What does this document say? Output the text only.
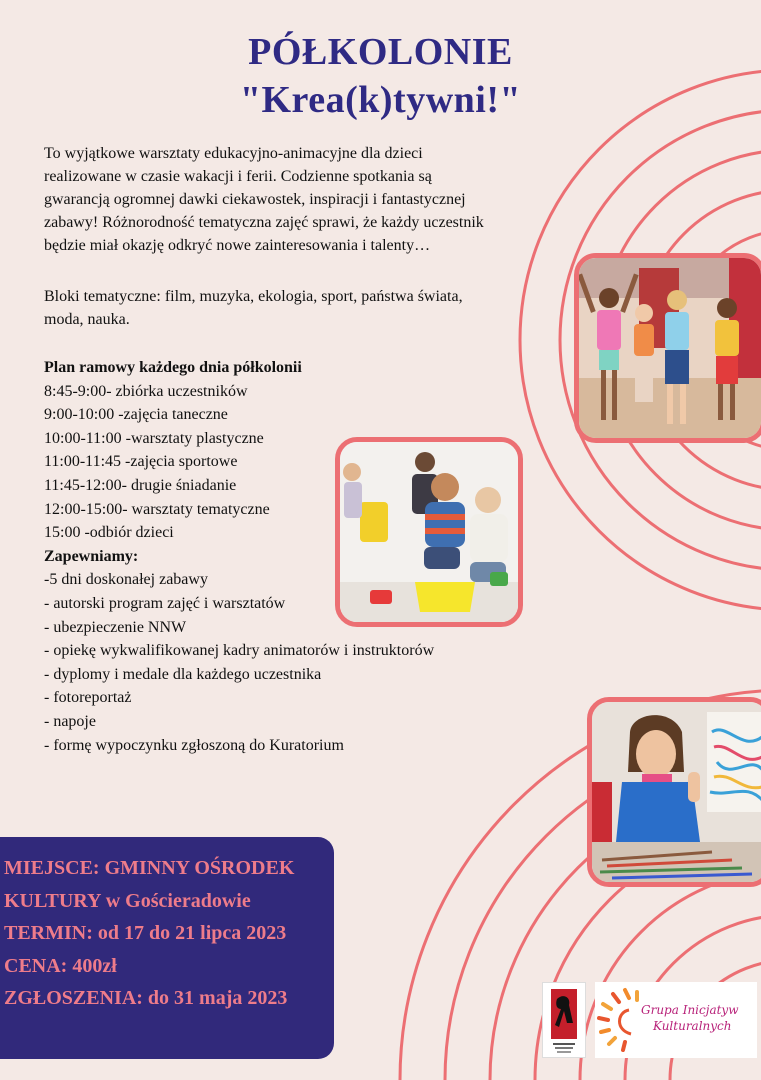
PÓŁKOLONIE
"Krea(k)tywni!"
To wyjątkowe warsztaty edukacyjno-animacyjne dla dzieci
realizowane w czasie wakacji i ferii. Codzienne spotkania są
gwarancją ogromnej dawki ciekawostek, inspiracji i fantastycznej
zabawy! Różnorodność tematyczna zajęć sprawi, że każdy uczestnik
będzie miał okazję odkryć nowe zainteresowania i talenty…
Bloki tematyczne: film, muzyka, ekologia, sport, państwa świata,
moda, nauka.
Plan ramowy każdego dnia półkolonii
8:45-9:00- zbiórka uczestników
9:00-10:00 -zajęcia taneczne
10:00-11:00 -warsztaty plastyczne
11:00-11:45 -zajęcia sportowe
11:45-12:00- drugie śniadanie
12:00-15:00- warsztaty tematyczne
15:00 -odbiór dzieci
Zapewniamy:
-5 dni doskonałej zabawy
- autorski program zajęć i warsztatów
- ubezpieczenie NNW
- opiekę wykwalifikowanej kadry animatorów i instruktorów
- dyplomy i medale dla każdego uczestnika
- fotoreportaż
- napoje
- formę wypoczynku zgłoszoną do Kuratorium
MIEJSCE: GMINNY OŚRODEK
KULTURY w Gościeradowie
TERMIN: od 17 do 21 lipca 2023
CENA: 400zł
ZGŁOSZENIA: do 31 maja 2023
Grupa Inicjatyw
Kulturalnych
